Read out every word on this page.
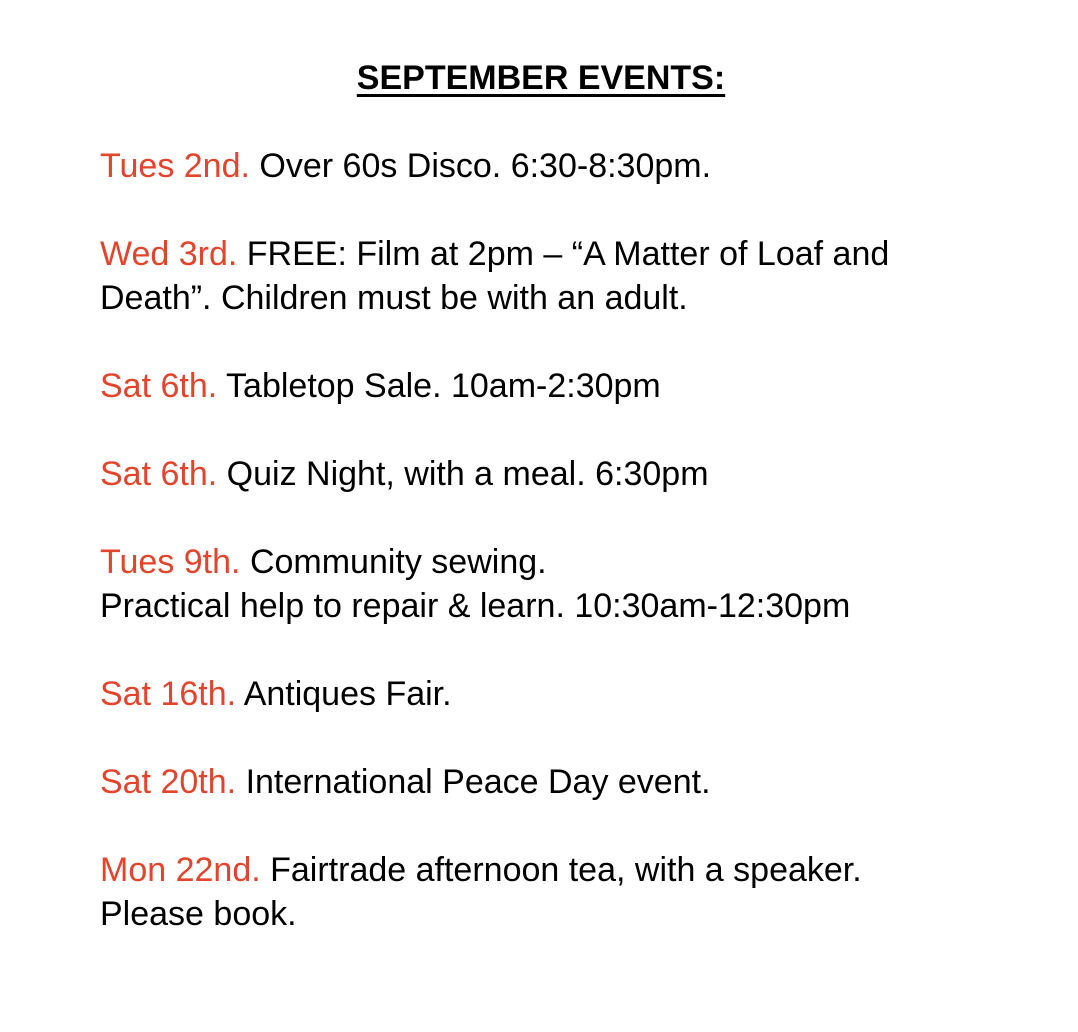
SEPTEMBER EVENTS:
Tues 2nd. Over 60s Disco. 6:30-8:30pm.
Wed 3rd. FREE: Film at 2pm – “A Matter of Loaf and
Death”. Children must be with an adult.
Sat 6th. Tabletop Sale. 10am-2:30pm
Sat 6th. Quiz Night, with a meal. 6:30pm
Tues 9th. Community sewing.
Practical help to repair & learn. 10:30am-12:30pm
Sat 16th. Antiques Fair.
Sat 20th. International Peace Day event.
Mon 22nd. Fairtrade afternoon tea, with a speaker.
Please book.
